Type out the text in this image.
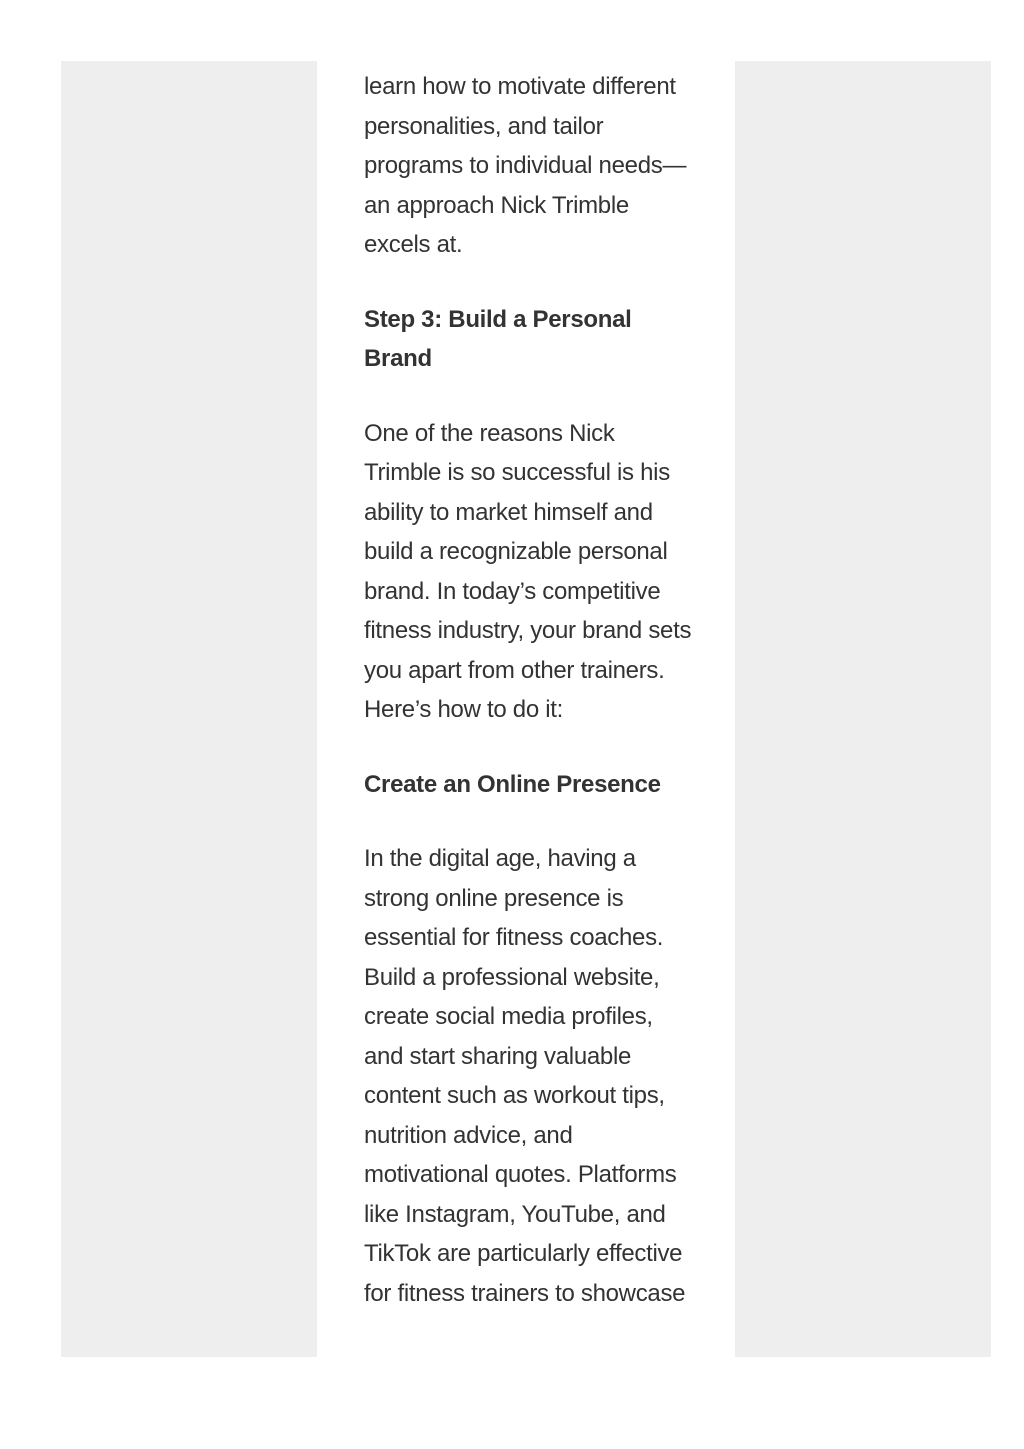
learn how to motivate different personalities, and tailor programs to individual needs—an approach Nick Trimble excels at.

Step 3: Build a Personal Brand

One of the reasons Nick Trimble is so successful is his ability to market himself and build a recognizable personal brand. In today’s competitive fitness industry, your brand sets you apart from other trainers. Here’s how to do it:

Create an Online Presence

In the digital age, having a strong online presence is essential for fitness coaches. Build a professional website, create social media profiles, and start sharing valuable content such as workout tips, nutrition advice, and motivational quotes. Platforms like Instagram, YouTube, and TikTok are particularly effective for fitness trainers to showcase
